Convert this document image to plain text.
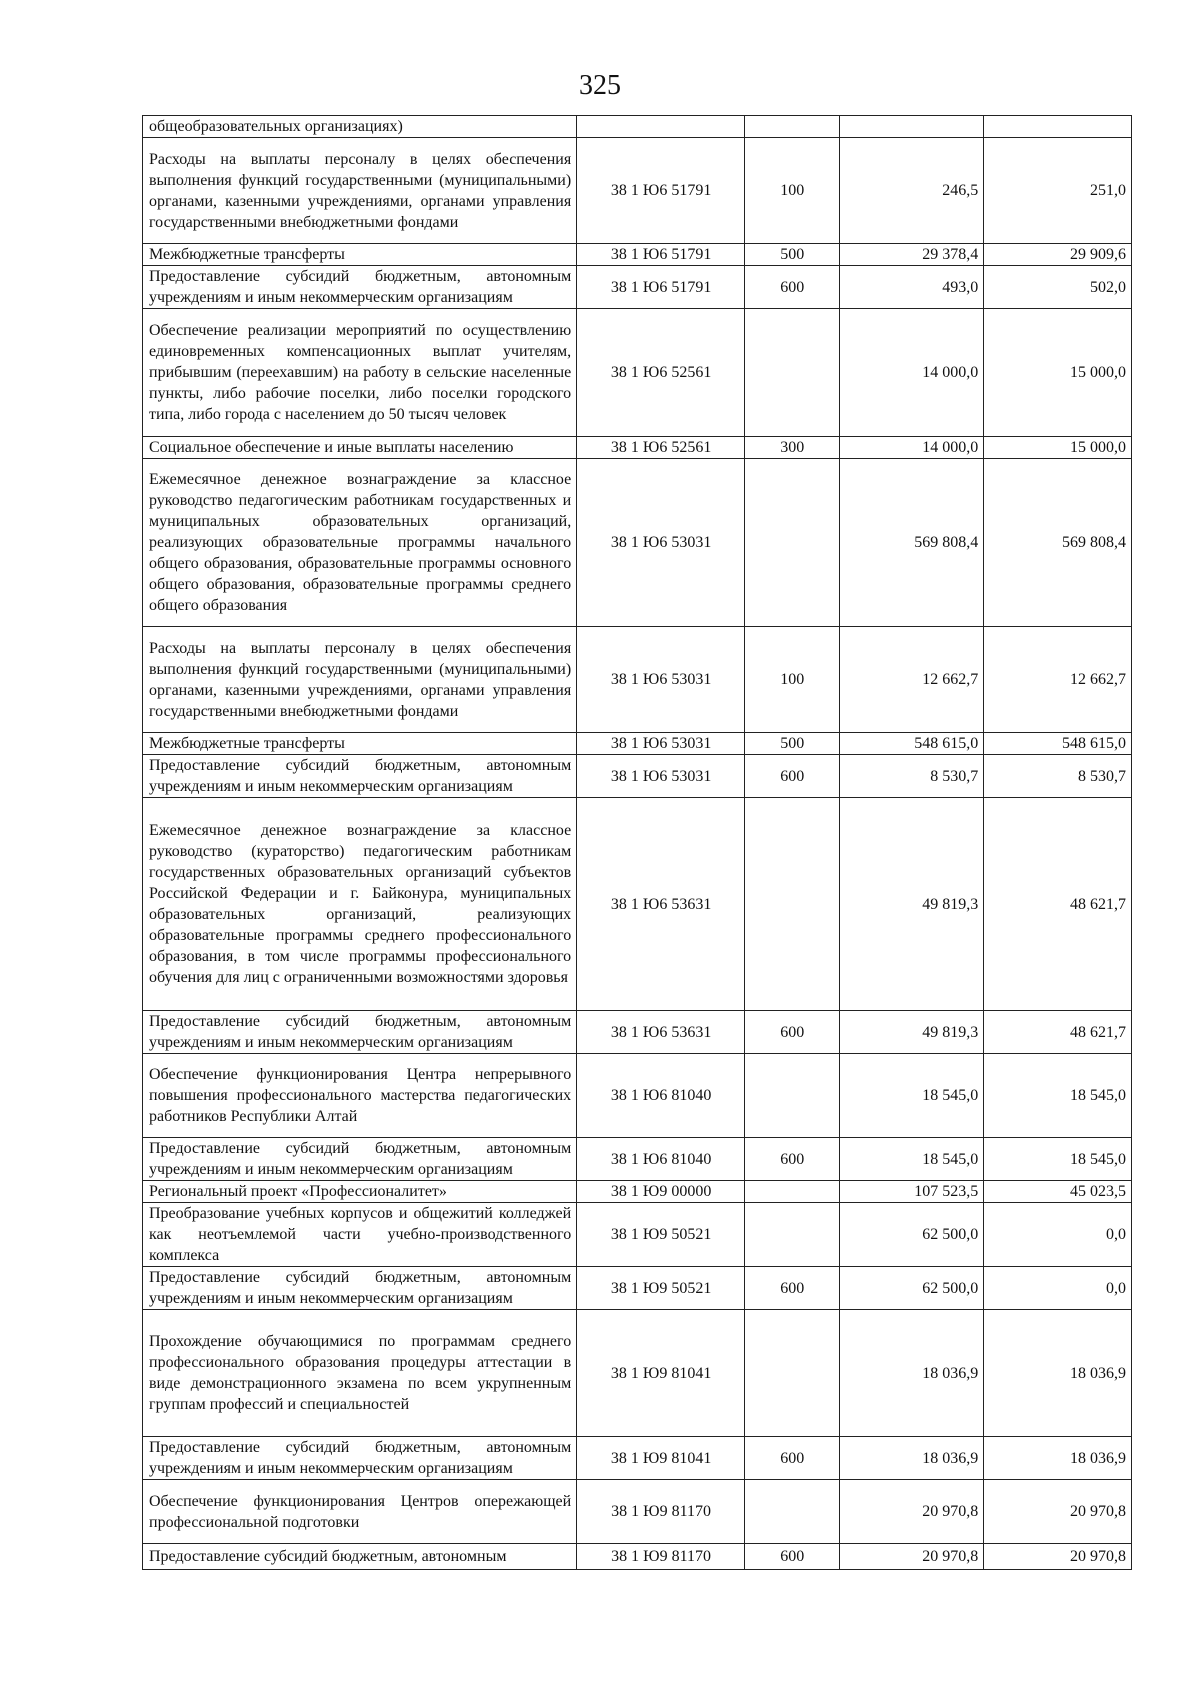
325
общеобразовательных организациях)				
Расходы на выплаты персоналу в целях обеспечения выполнения функций государственными (муниципальными) органами, казенными учреждениями, органами управления государственными внебюджетными фондами	38 1 Ю6 51791	100	246,5	251,0
Межбюджетные трансферты	38 1 Ю6 51791	500	29 378,4	29 909,6
Предоставление субсидий бюджетным, автономным учреждениям и иным некоммерческим организациям	38 1 Ю6 51791	600	493,0	502,0
Обеспечение реализации мероприятий по осуществлению единовременных компенсационных выплат учителям, прибывшим (переехавшим) на работу в сельские населенные пункты, либо рабочие поселки, либо поселки городского типа, либо города с населением до 50 тысяч человек	38 1 Ю6 52561		14 000,0	15 000,0
Социальное обеспечение и иные выплаты населению	38 1 Ю6 52561	300	14 000,0	15 000,0
Ежемесячное денежное вознаграждение за классное руководство педагогическим работникам государственных и муниципальных образовательных организаций, реализующих образовательные программы начального общего образования, образовательные программы основного общего образования, образовательные программы среднего общего образования	38 1 Ю6 53031		569 808,4	569 808,4
Расходы на выплаты персоналу в целях обеспечения выполнения функций государственными (муниципальными) органами, казенными учреждениями, органами управления государственными внебюджетными фондами	38 1 Ю6 53031	100	12 662,7	12 662,7
Межбюджетные трансферты	38 1 Ю6 53031	500	548 615,0	548 615,0
Предоставление субсидий бюджетным, автономным учреждениям и иным некоммерческим организациям	38 1 Ю6 53031	600	8 530,7	8 530,7
Ежемесячное денежное вознаграждение за классное руководство (кураторство) педагогическим работникам государственных образовательных организаций субъектов Российской Федерации и г. Байконура, муниципальных образовательных организаций, реализующих образовательные программы среднего профессионального образования, в том числе программы профессионального обучения для лиц с ограниченными возможностями здоровья	38 1 Ю6 53631		49 819,3	48 621,7
Предоставление субсидий бюджетным, автономным учреждениям и иным некоммерческим организациям	38 1 Ю6 53631	600	49 819,3	48 621,7
Обеспечение функционирования Центра непрерывного повышения профессионального мастерства педагогических работников Республики Алтай	38 1 Ю6 81040		18 545,0	18 545,0
Предоставление субсидий бюджетным, автономным учреждениям и иным некоммерческим организациям	38 1 Ю6 81040	600	18 545,0	18 545,0
Региональный проект «Профессионалитет»	38 1 Ю9 00000		107 523,5	45 023,5
Преобразование учебных корпусов и общежитий колледжей как неотъемлемой части учебно-производственного комплекса	38 1 Ю9 50521		62 500,0	0,0
Предоставление субсидий бюджетным, автономным учреждениям и иным некоммерческим организациям	38 1 Ю9 50521	600	62 500,0	0,0
Прохождение обучающимися по программам среднего профессионального образования процедуры аттестации в виде демонстрационного экзамена по всем укрупненным группам профессий и специальностей	38 1 Ю9 81041		18 036,9	18 036,9
Предоставление субсидий бюджетным, автономным учреждениям и иным некоммерческим организациям	38 1 Ю9 81041	600	18 036,9	18 036,9
Обеспечение функционирования Центров опережающей профессиональной подготовки	38 1 Ю9 81170		20 970,8	20 970,8
Предоставление субсидий бюджетным, автономным	38 1 Ю9 81170	600	20 970,8	20 970,8
